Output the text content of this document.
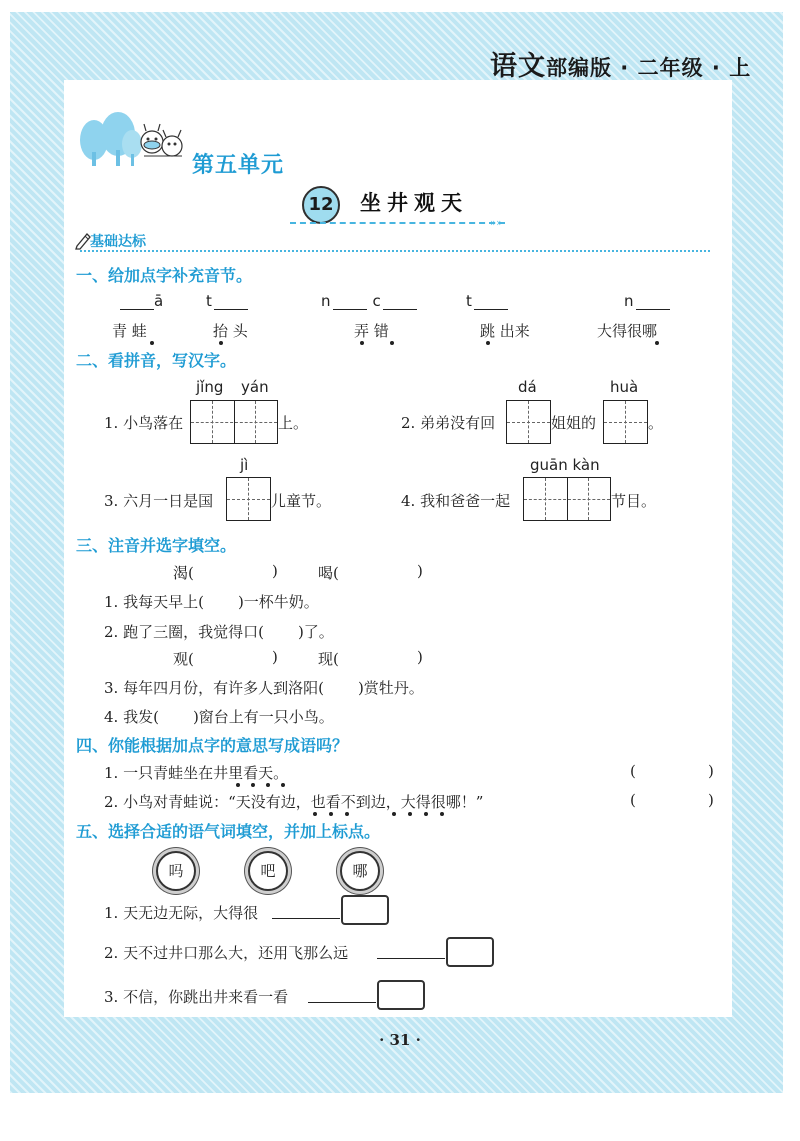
语文部编版 · 二年级 · 上
第五单元
12	坐井观天
»»
基础达标
一、给加点字补充音节。
ā
青 蛙
t
抬 头
n	c
弄 错
t
跳 出来
n
大得很哪
二、看拼音，写汉字。
jǐng yán
1. 小鸟落在	上。
dá	huà
2. 弟弟没有回	姐姐的	。
jì
3. 六月一日是国	儿童节。
guān kàn
4. 我和爸爸一起	节目。
三、注音并选字填空。
渴(	)	喝(	)
1. 我每天早上( )一杯牛奶。
2. 跑了三圈，我觉得口( )了。
观(	)	现(	)
3. 每年四月份，有许多人到洛阳( )赏牡丹。
4. 我发( )窗台上有一只小鸟。
四、你能根据加点字的意思写成语吗？
1. 一只青蛙坐在井里看天。	(	)
2. 小鸟对青蛙说：“天没有边，也看不到边，大得很哪！”	(	)
五、选择合适的语气词填空，并加上标点。
吗	吧	哪
1. 天无边无际，大得很
2. 天不过井口那么大，还用飞那么远
3. 不信，你跳出井来看一看
· 31 ·
